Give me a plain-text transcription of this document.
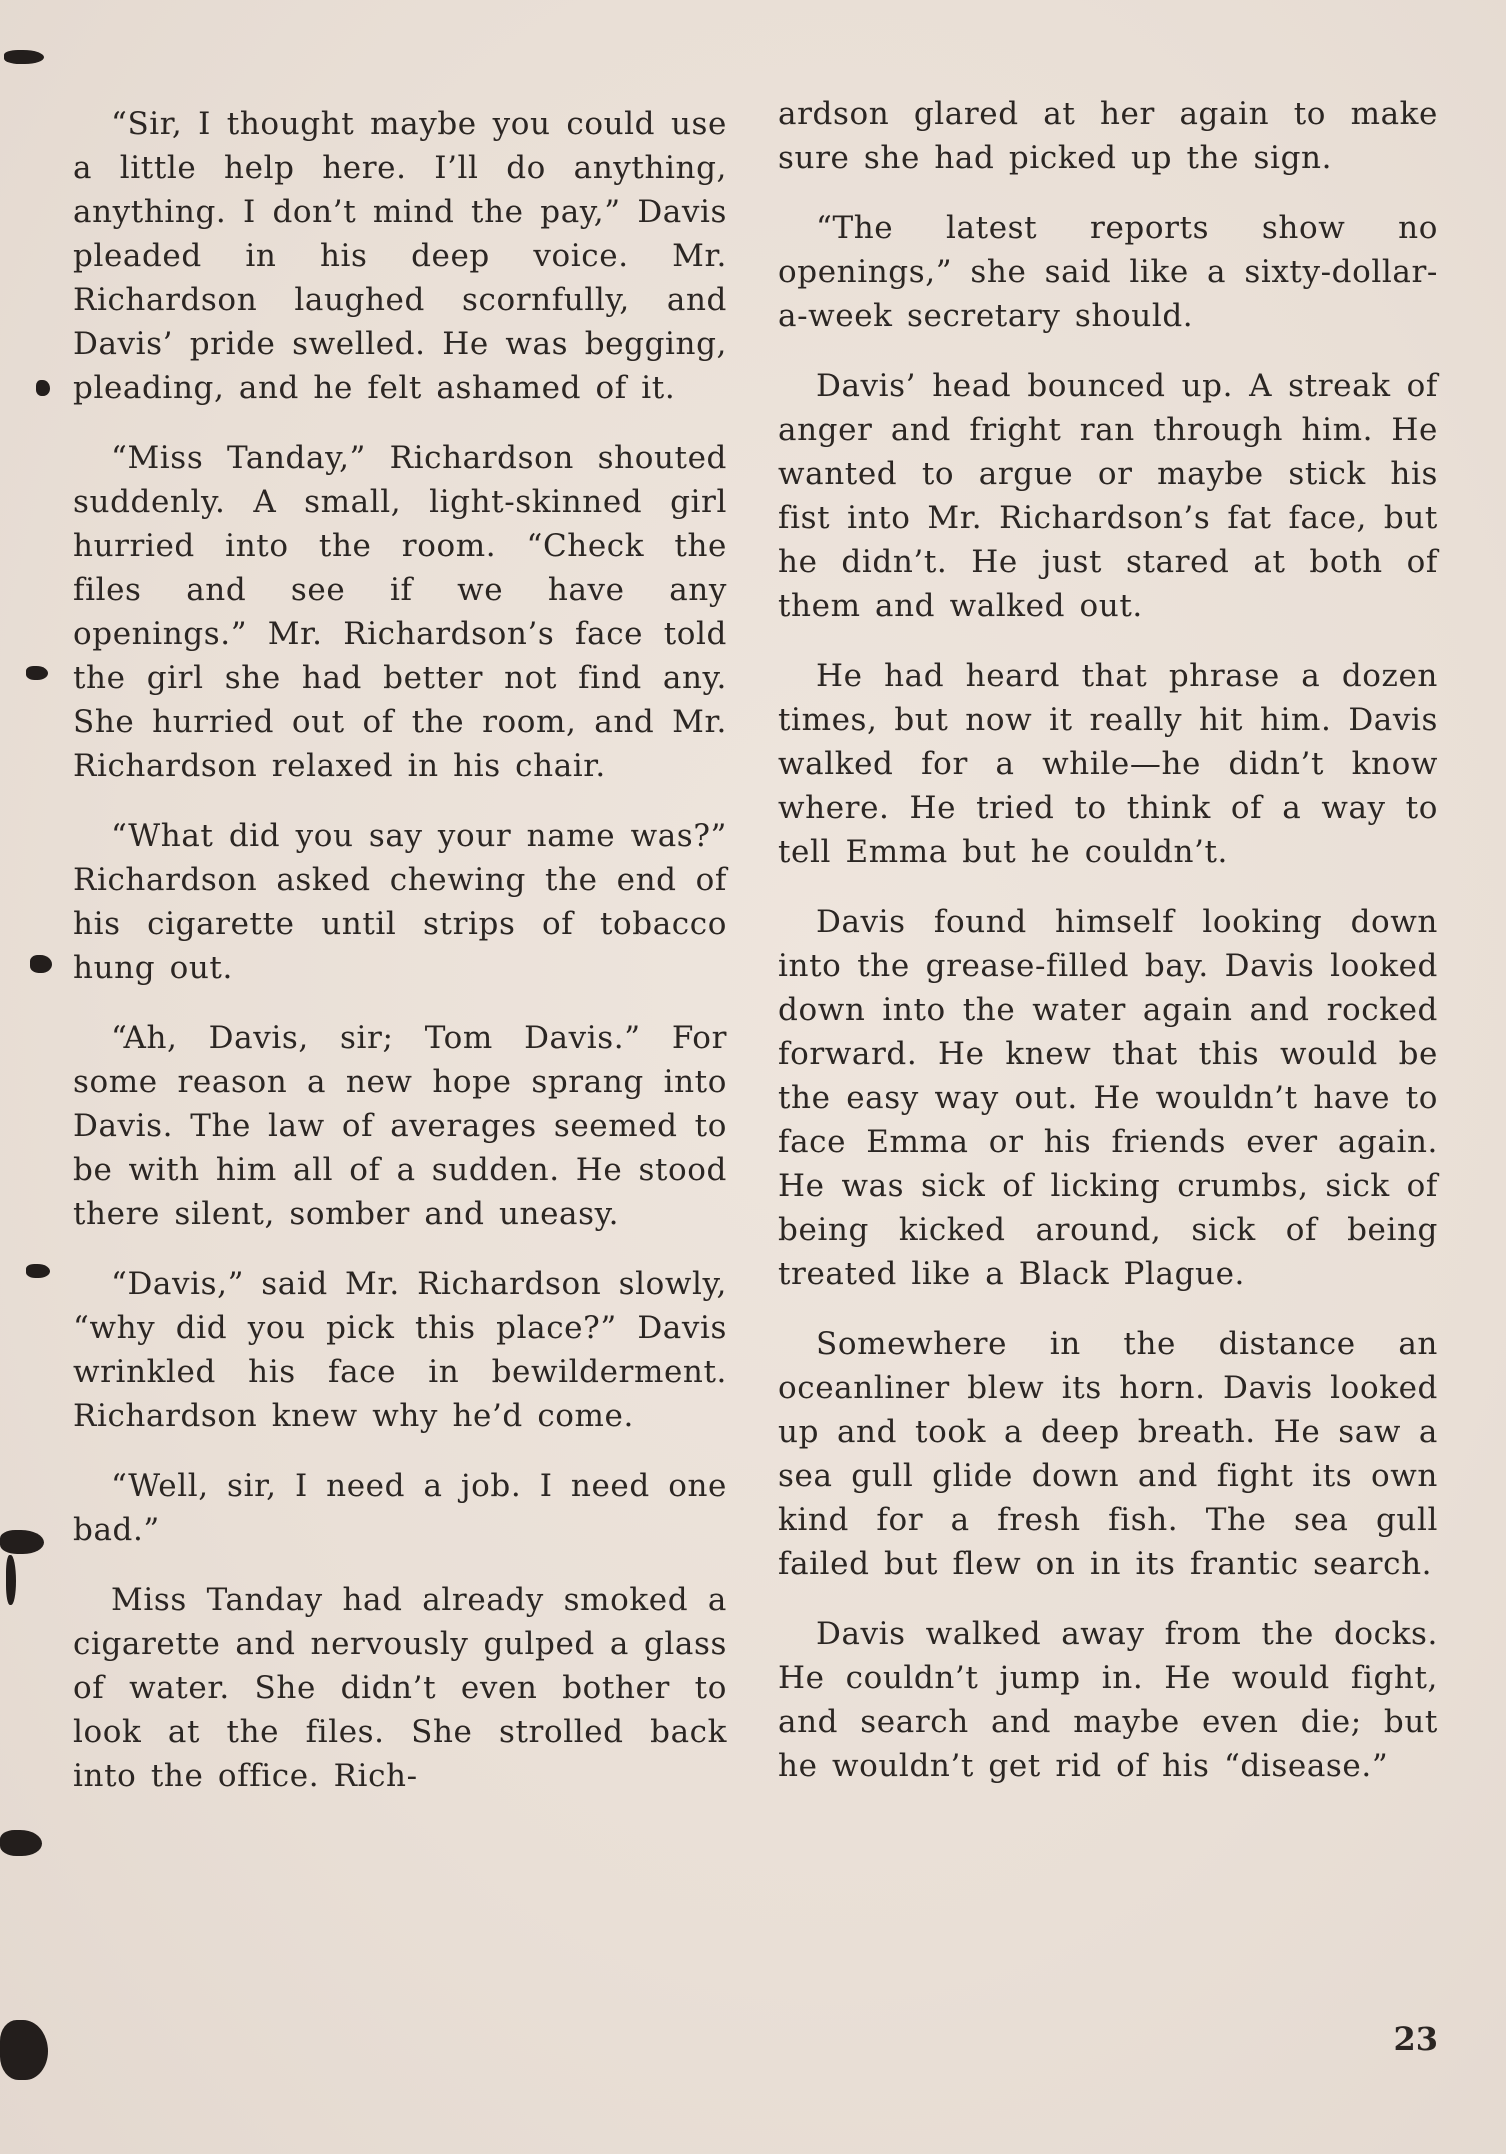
“Sir, I thought maybe you could use a little help here. I’ll do anything, anything. I don’t mind the pay,” Davis pleaded in his deep voice. Mr. Richardson laughed scornfully, and Davis’ pride swelled. He was begging, pleading, and he felt ashamed of it.

“Miss Tanday,” Richardson shouted suddenly. A small, light-skinned girl hurried into the room. “Check the files and see if we have any openings.” Mr. Richardson’s face told the girl she had better not find any. She hurried out of the room, and Mr. Richardson relaxed in his chair.

“What did you say your name was?” Richardson asked chewing the end of his cigarette until strips of tobacco hung out.

“Ah, Davis, sir; Tom Davis.” For some reason a new hope sprang into Davis. The law of averages seemed to be with him all of a sudden. He stood there silent, somber and uneasy.

“Davis,” said Mr. Richardson slowly, “why did you pick this place?” Davis wrinkled his face in bewilderment. Richardson knew why he’d come.

“Well, sir, I need a job. I need one bad.”

Miss Tanday had already smoked a cigarette and nervously gulped a glass of water. She didn’t even bother to look at the files. She strolled back into the office. Rich-

ardson glared at her again to make sure she had picked up the sign.

“The latest reports show no openings,” she said like a sixty-dollar-a-week secretary should.

Davis’ head bounced up. A streak of anger and fright ran through him. He wanted to argue or maybe stick his fist into Mr. Richardson’s fat face, but he didn’t. He just stared at both of them and walked out.

He had heard that phrase a dozen times, but now it really hit him. Davis walked for a while—he didn’t know where. He tried to think of a way to tell Emma but he couldn’t.

Davis found himself looking down into the grease-filled bay. Davis looked down into the water again and rocked forward. He knew that this would be the easy way out. He wouldn’t have to face Emma or his friends ever again. He was sick of licking crumbs, sick of being kicked around, sick of being treated like a Black Plague.

Somewhere in the distance an oceanliner blew its horn. Davis looked up and took a deep breath. He saw a sea gull glide down and fight its own kind for a fresh fish. The sea gull failed but flew on in its frantic search.

Davis walked away from the docks. He couldn’t jump in. He would fight, and search and maybe even die; but he wouldn’t get rid of his “disease.”

23
